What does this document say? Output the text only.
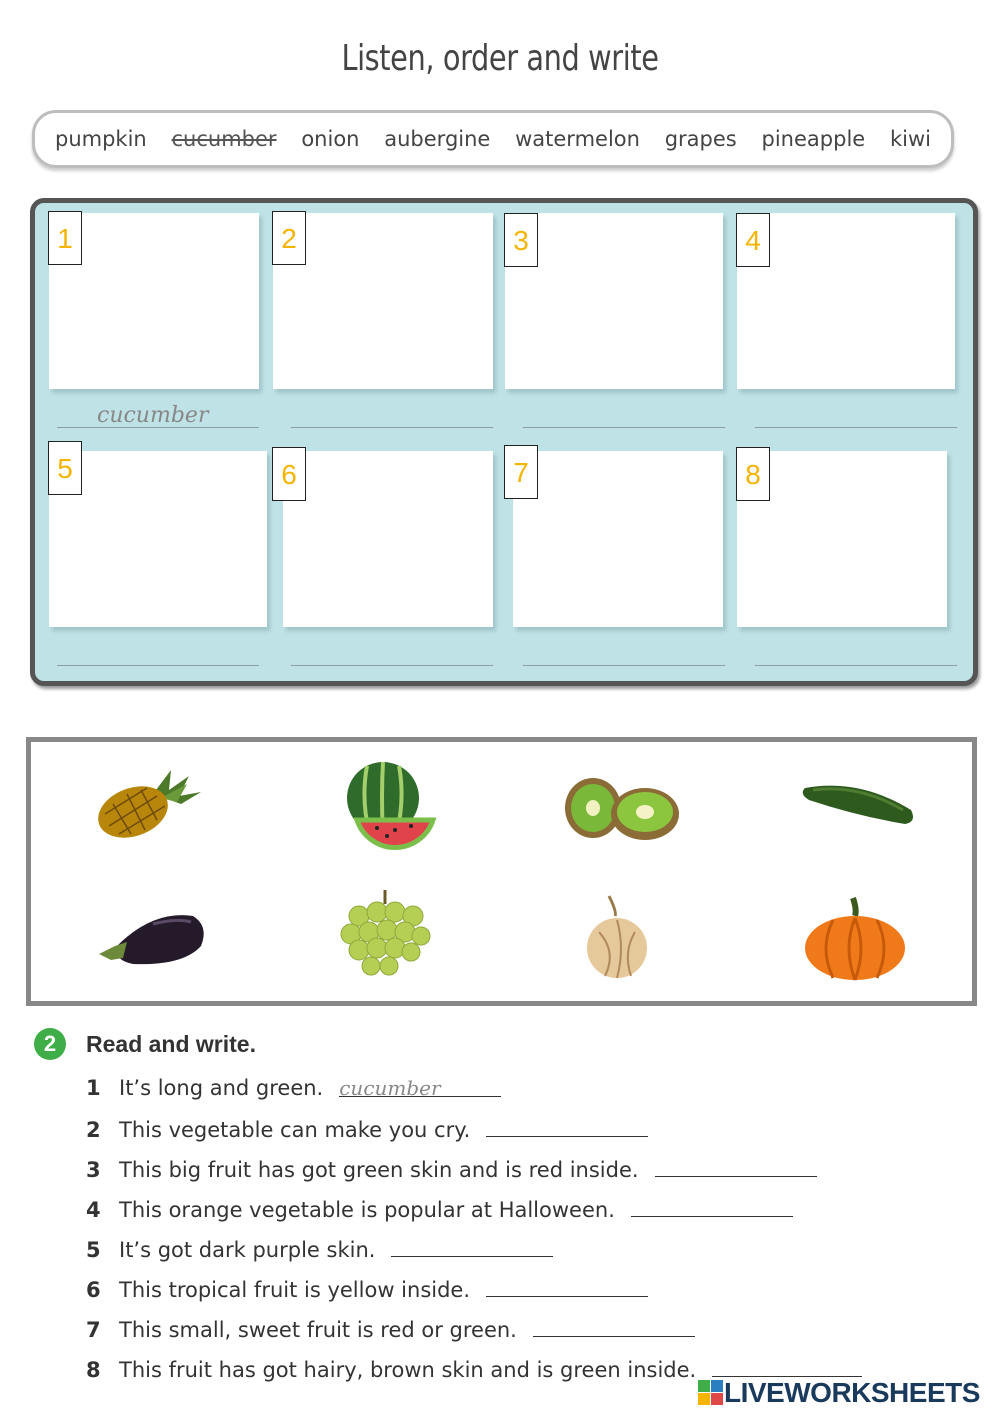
Listen, order and write
pumpkin cucumber onion aubergine watermelon grapes pineapple kiwi
1	2	3	4
cucumber
5	6	7	8
2	Read and write.
1 It’s long and green. cucumber
2 This vegetable can make you cry.
3 This big fruit has got green skin and is red inside.
4 This orange vegetable is popular at Halloween.
5 It’s got dark purple skin.
6 This tropical fruit is yellow inside.
7 This small, sweet fruit is red or green.
8 This fruit has got hairy, brown skin and is green inside.
LIVEWORKSHEETS
